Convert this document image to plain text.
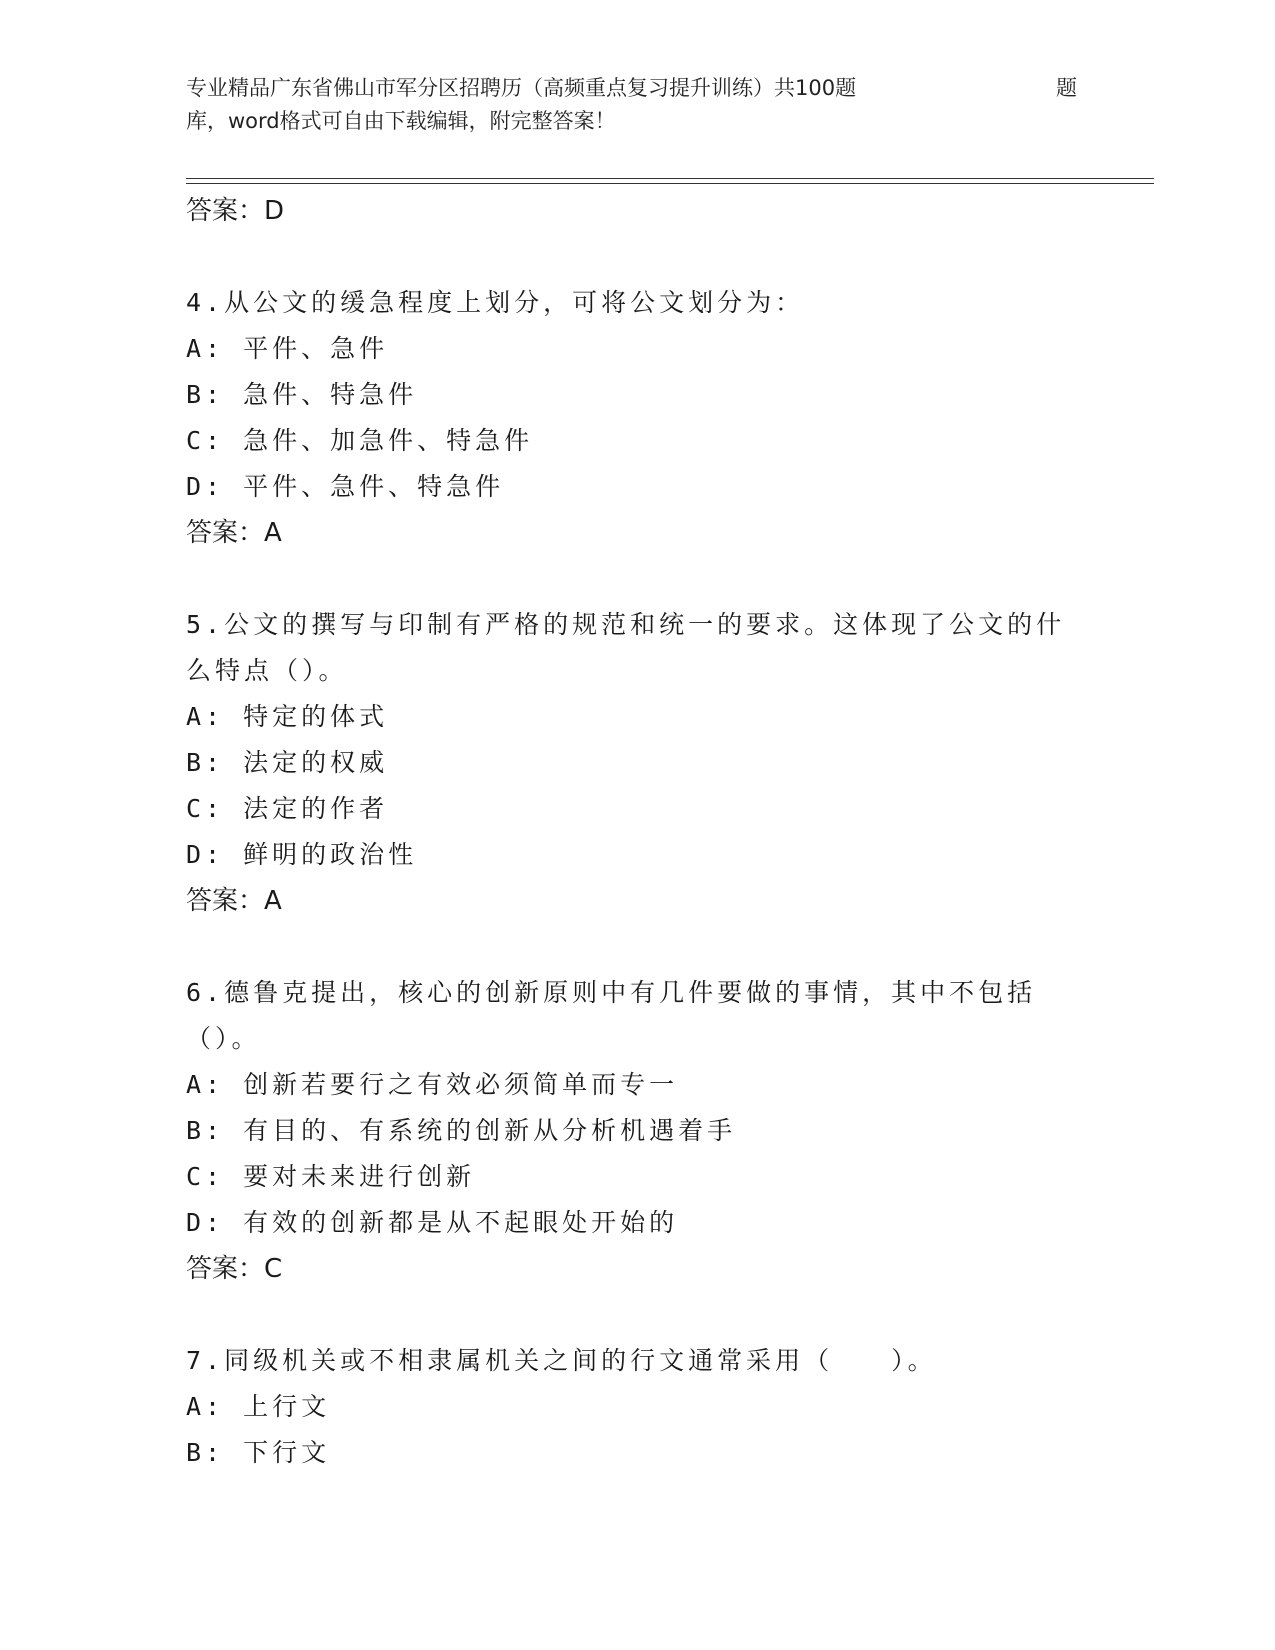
专业精品广东省佛山市军分区招聘历（高频重点复习提升训练）共100题	题
库，word格式可自由下载编辑，附完整答案！
答案：D
4.从公文的缓急程度上划分，可将公文划分为：
A: 平件、急件
B: 急件、特急件
C: 急件、加急件、特急件
D: 平件、急件、特急件
答案：A
5.公文的撰写与印制有严格的规范和统一的要求。这体现了公文的什么特点（）。
A: 特定的体式
B: 法定的权威
C: 法定的作者
D: 鲜明的政治性
答案：A
6.德鲁克提出，核心的创新原则中有几件要做的事情，其中不包括（）。
A: 创新若要行之有效必须简单而专一
B: 有目的、有系统的创新从分析机遇着手
C: 要对未来进行创新
D: 有效的创新都是从不起眼处开始的
答案：C
7.同级机关或不相隶属机关之间的行文通常采用（　　）。
A: 上行文
B: 下行文
